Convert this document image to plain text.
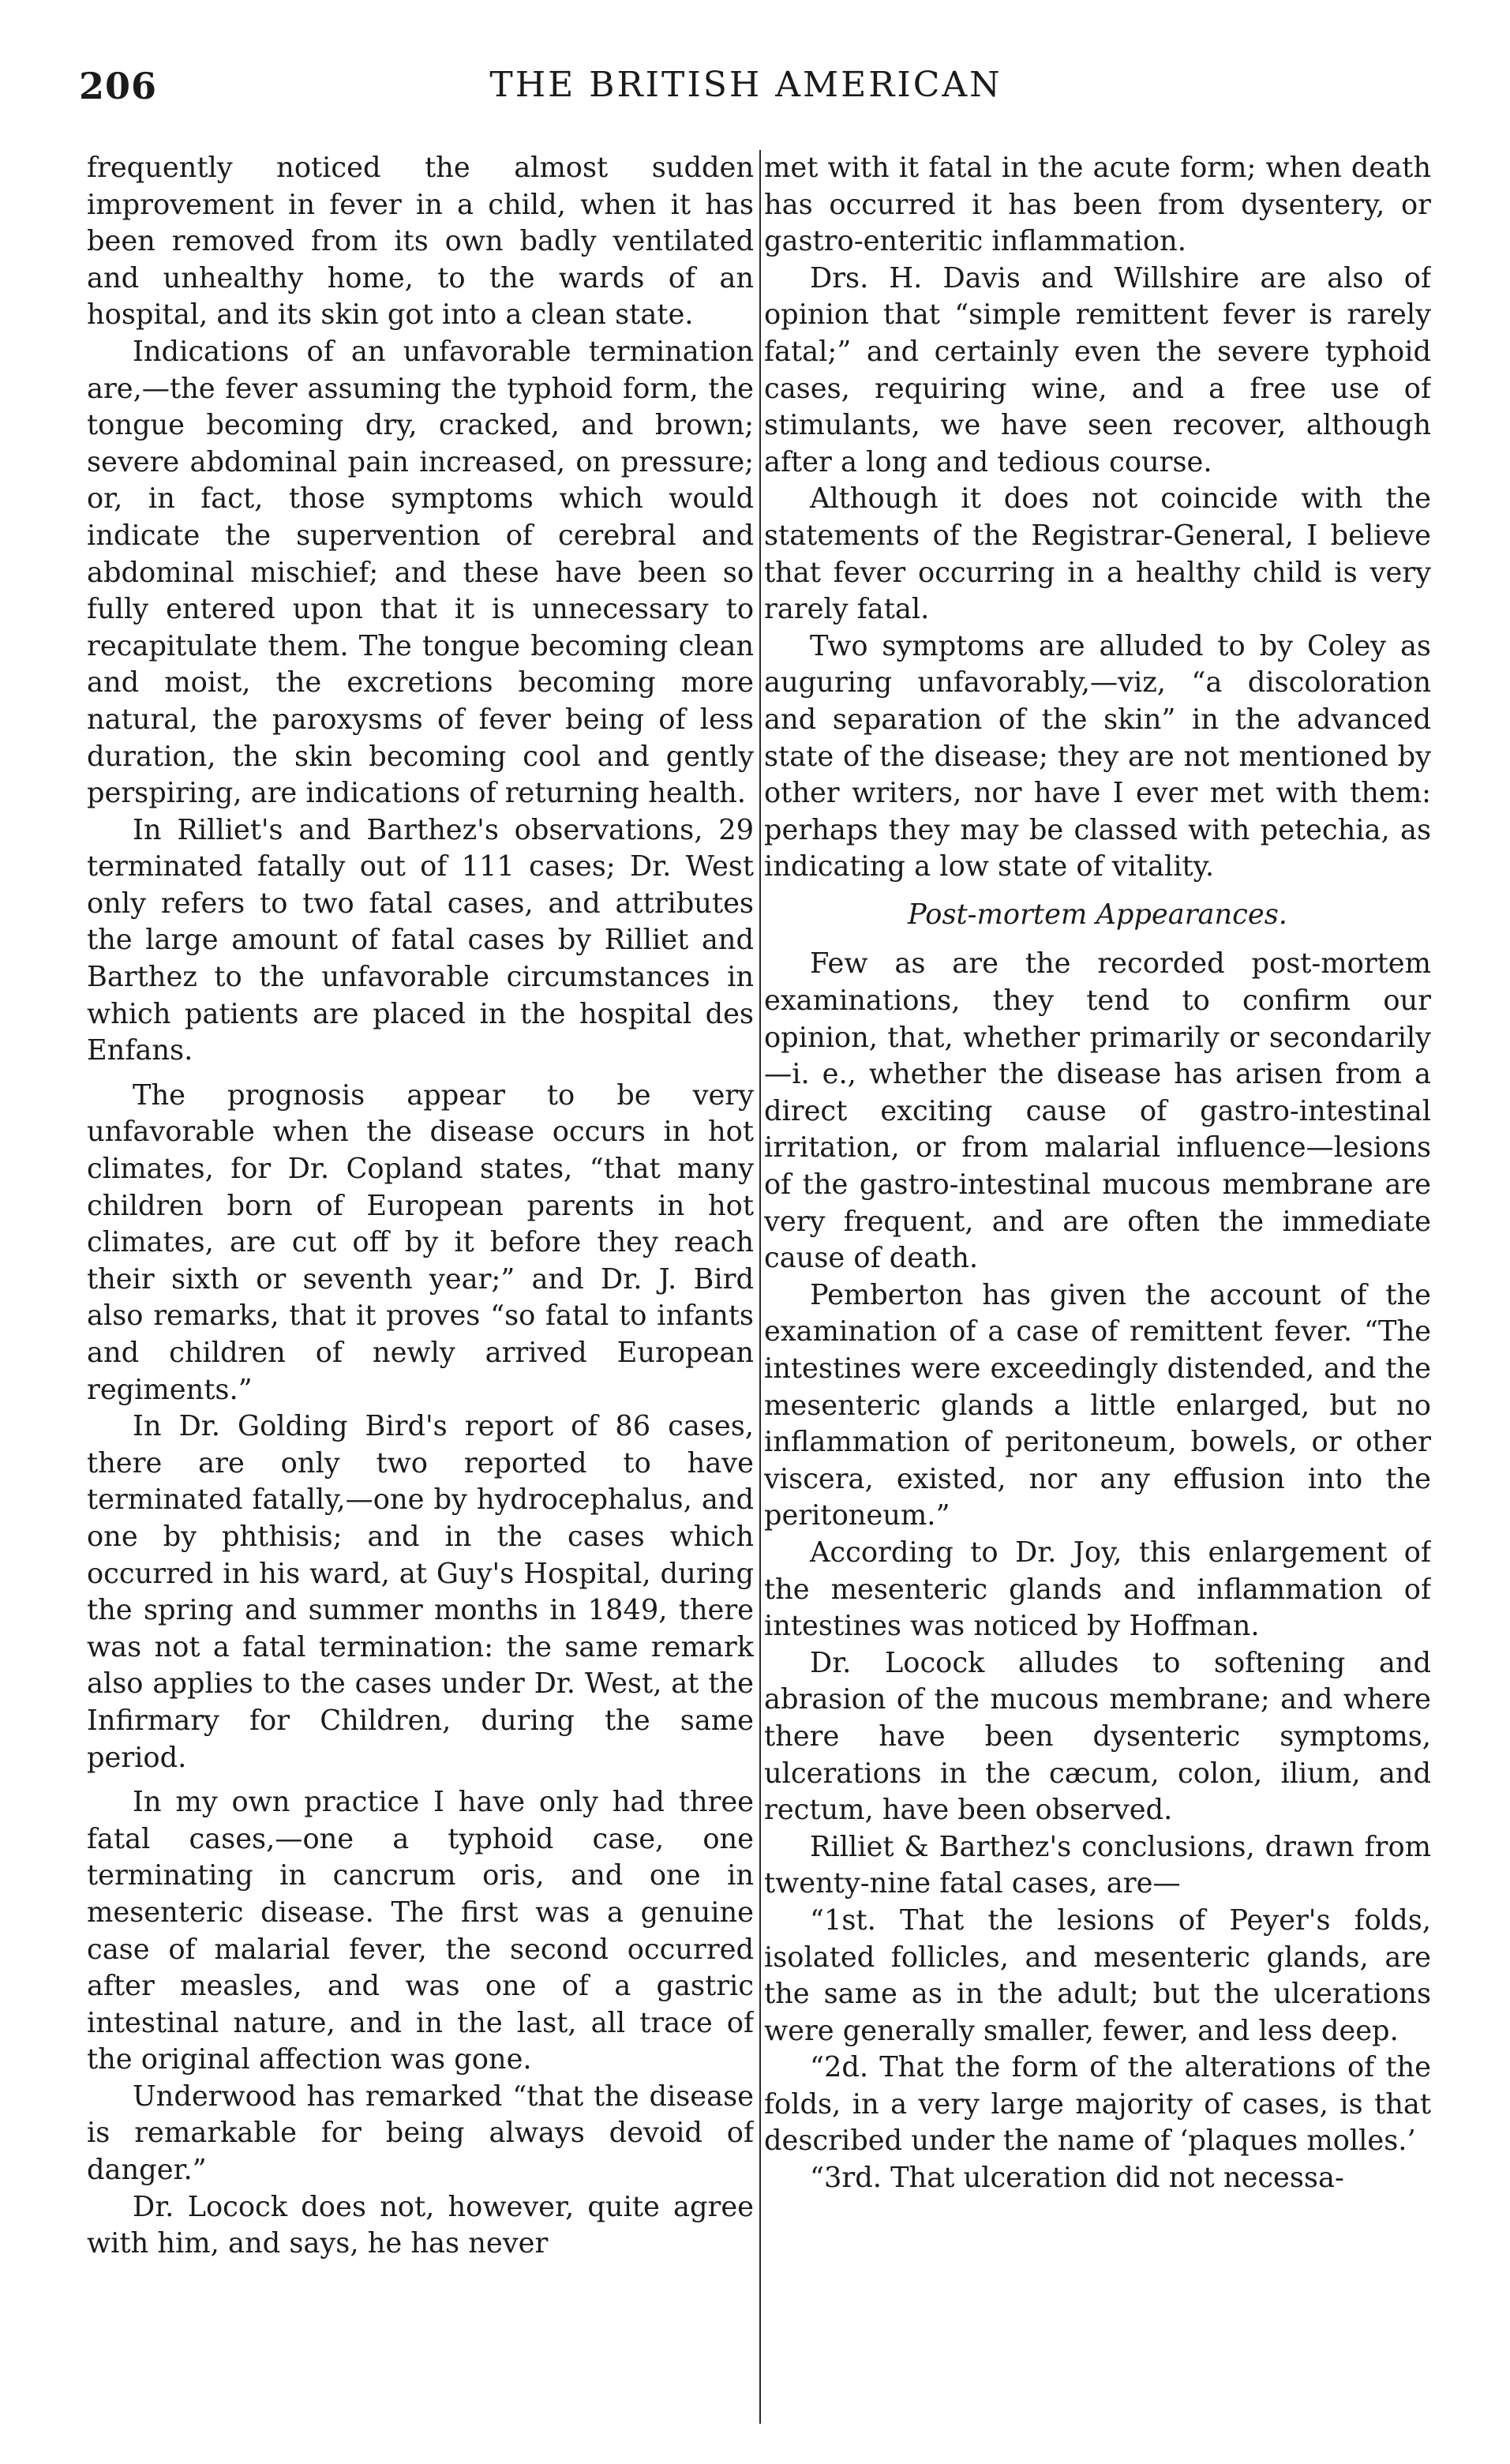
206	THE BRITISH AMERICAN

frequently noticed the almost sudden improvement in fever in a child, when it has been removed from its own badly ventilated and unhealthy home, to the wards of an hospital, and its skin got into a clean state.

Indications of an unfavorable termination are,—the fever assuming the typhoid form, the tongue becoming dry, cracked, and brown; severe abdominal pain increased, on pressure; or, in fact, those symptoms which would indicate the supervention of cerebral and abdominal mischief; and these have been so fully entered upon that it is unnecessary to recapitulate them. The tongue becoming clean and moist, the excretions becoming more natural, the paroxysms of fever being of less duration, the skin becoming cool and gently perspiring, are indications of returning health.

In Rilliet's and Barthez's observations, 29 terminated fatally out of 111 cases; Dr. West only refers to two fatal cases, and attributes the large amount of fatal cases by Rilliet and Barthez to the unfavorable circumstances in which patients are placed in the hospital des Enfans.

The prognosis appear to be very unfavorable when the disease occurs in hot climates, for Dr. Copland states, “that many children born of European parents in hot climates, are cut off by it before they reach their sixth or seventh year;” and Dr. J. Bird also remarks, that it proves “so fatal to infants and children of newly arrived European regiments.”

In Dr. Golding Bird's report of 86 cases, there are only two reported to have terminated fatally,—one by hydrocephalus, and one by phthisis; and in the cases which occurred in his ward, at Guy's Hospital, during the spring and summer months in 1849, there was not a fatal termination: the same remark also applies to the cases under Dr. West, at the Infirmary for Children, during the same period.

In my own practice I have only had three fatal cases,—one a typhoid case, one terminating in cancrum oris, and one in mesenteric disease. The first was a genuine case of malarial fever, the second occurred after measles, and was one of a gastric intestinal nature, and in the last, all trace of the original affection was gone.

Underwood has remarked “that the disease is remarkable for being always devoid of danger.”

Dr. Locock does not, however, quite agree with him, and says, he has never

met with it fatal in the acute form; when death has occurred it has been from dysentery, or gastro-enteritic inflammation.

Drs. H. Davis and Willshire are also of opinion that “simple remittent fever is rarely fatal;” and certainly even the severe typhoid cases, requiring wine, and a free use of stimulants, we have seen recover, although after a long and tedious course.

Although it does not coincide with the statements of the Registrar-General, I believe that fever occurring in a healthy child is very rarely fatal.

Two symptoms are alluded to by Coley as auguring unfavorably,—viz, “a discoloration and separation of the skin” in the advanced state of the disease; they are not mentioned by other writers, nor have I ever met with them: perhaps they may be classed with petechia, as indicating a low state of vitality.

Post-mortem Appearances.

Few as are the recorded post-mortem examinations, they tend to confirm our opinion, that, whether primarily or secondarily—i. e., whether the disease has arisen from a direct exciting cause of gastro-intestinal irritation, or from malarial influence—lesions of the gastro-intestinal mucous membrane are very frequent, and are often the immediate cause of death.

Pemberton has given the account of the examination of a case of remittent fever. “The intestines were exceedingly distended, and the mesenteric glands a little enlarged, but no inflammation of peritoneum, bowels, or other viscera, existed, nor any effusion into the peritoneum.”

According to Dr. Joy, this enlargement of the mesenteric glands and inflammation of intestines was noticed by Hoffman.

Dr. Locock alludes to softening and abrasion of the mucous membrane; and where there have been dysenteric symptoms, ulcerations in the cæcum, colon, ilium, and rectum, have been observed.

Rilliet & Barthez's conclusions, drawn from twenty-nine fatal cases, are—

“1st. That the lesions of Peyer's folds, isolated follicles, and mesenteric glands, are the same as in the adult; but the ulcerations were generally smaller, fewer, and less deep.

“2d. That the form of the alterations of the folds, in a very large majority of cases, is that described under the name of ‘plaques molles.’

“3rd. That ulceration did not necessa-
